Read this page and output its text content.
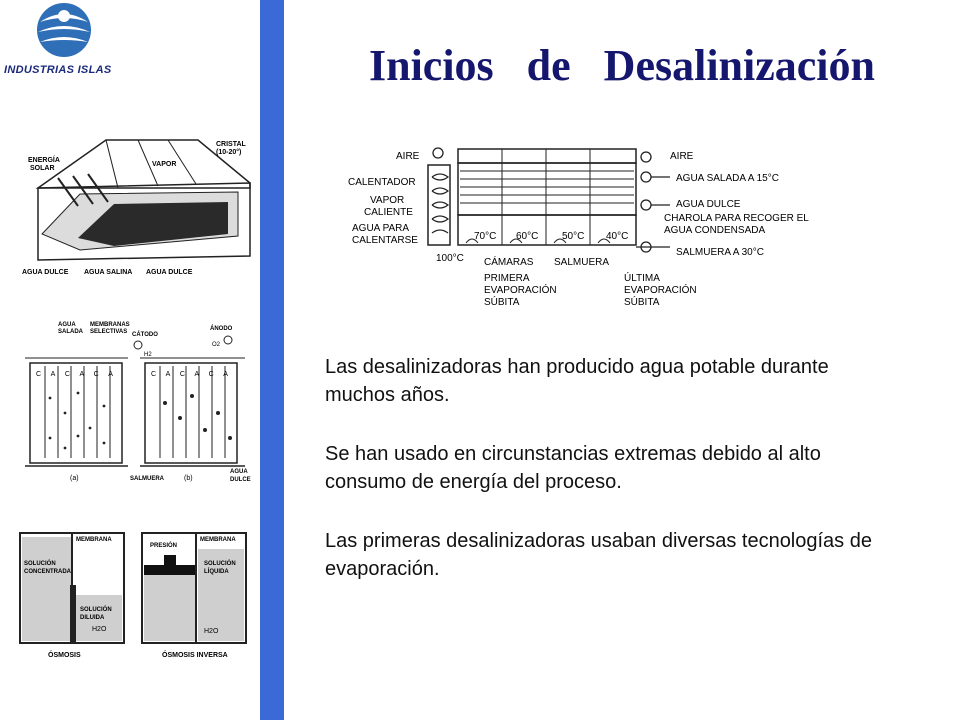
INDUSTRIAS ISLAS	Inicios de Desalinización
ENERGÍA
SOLAR
VAPOR
CRISTAL
(10-20°)
AGUA DULCE AGUA SALINA AGUA DULCE
AGUA
SALADA
MEMBRANAS
SELECTIVAS CÁTODO
ÁNODO
H2
O2
C A C A C A	C A C A C A
(a)	(b)
SALMUERA
AGUA
DULCE
MEMBRANA
SOLUCIÓN
CONCENTRADA
SOLUCIÓN
DILUIDA
H2O
ÓSMOSIS
PRESIÓN
MEMBRANA
SOLUCIÓN
LÍQUIDA
H2O
ÓSMOSIS INVERSA
AIRE
CALENTADOR
VAPOR
CALIENTE
AGUA PARA
CALENTARSE
100°C
70°C 60°C 50°C 40°C
CÁMARAS SALMUERA
PRIMERA
EVAPORACIÓN
SÚBITA
ÚLTIMA
EVAPORACIÓN
SÚBITA
AIRE
AGUA SALADA A 15°C
AGUA DULCE
CHAROLA PARA RECOGER EL
AGUA CONDENSADA
SALMUERA A 30°C
Las desalinizadoras han producido agua potable durante muchos años.
Se han usado en circunstancias extremas debido al alto consumo de energía del proceso.
Las primeras desalinizadoras usaban diversas tecnologías de evaporación.
